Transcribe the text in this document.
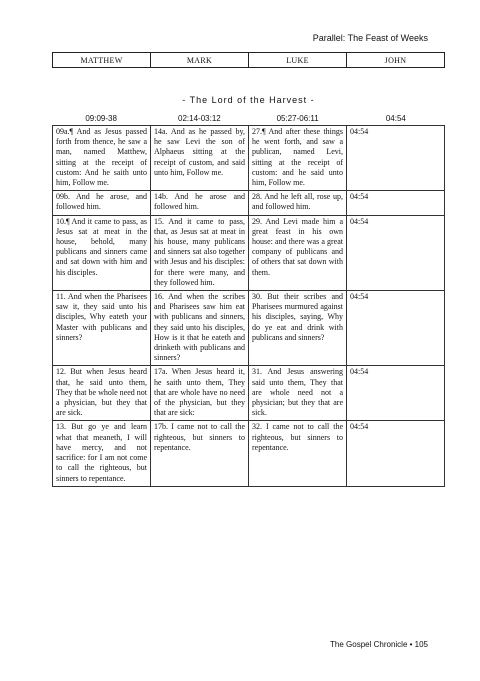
Parallel: The Feast of Weeks
MATTHEW	MARK	LUKE	JOHN
- The Lord of the Harvest -
09:09-38	02:14-03:12	05:27-06:11	04:54
09a.¶ And as Jesus passed forth from thence, he saw a man, named Matthew, sitting at the receipt of custom: And he saith unto him, Follow me.	14a. And as he passed by, he saw Levi the son of Alphaeus sitting at the receipt of custom, and said unto him, Follow me.	27.¶ And after these things he went forth, and saw a publican, named Levi, sitting at the receipt of custom: and he said unto him, Follow me.	04:54
09b. And he arose, and followed him.	14b. And he arose and followed him.	28. And he left all, rose up, and followed him.	04:54
10.¶ And it came to pass, as Jesus sat at meat in the house, behold, many publicans and sinners came and sat down with him and his disciples.	15. And it came to pass, that, as Jesus sat at meat in his house, many publicans and sinners sat also together with Jesus and his disciples: for there were many, and they followed him.	29. And Levi made him a great feast in his own house: and there was a great company of publicans and of others that sat down with them.	04:54
11. And when the Pharisees saw it, they said unto his disciples, Why eateth your Master with publicans and sinners?	16. And when the scribes and Pharisees saw him eat with publicans and sinners, they said unto his disciples, How is it that he eateth and drinketh with publicans and sinners?	30. But their scribes and Pharisees murmured against his disciples, saying, Why do ye eat and drink with publicans and sinners?	04:54
12. But when Jesus heard that, he said unto them, They that be whole need not a physician, but they that are sick.	17a. When Jesus heard it, he saith unto them, They that are whole have no need of the physician, but they that are sick:	31. And Jesus answering said unto them, They that are whole need not a physician; but they that are sick.	04:54
13. But go ye and learn what that meaneth, I will have mercy, and not sacrifice: for I am not come to call the righteous, but sinners to repentance.	17b. I came not to call the righteous, but sinners to repentance.	32. I came not to call the righteous, but sinners to repentance.	04:54
The Gospel Chronicle • 105
